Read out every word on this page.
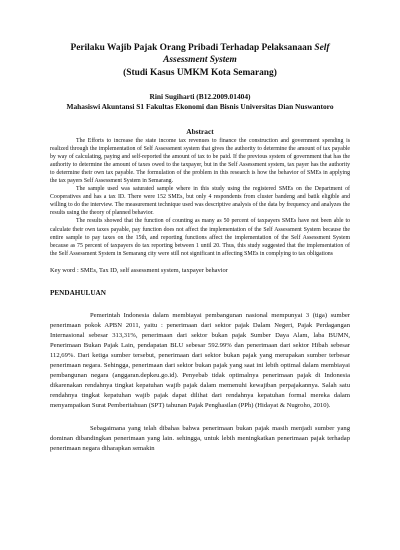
Perilaku Wajib Pajak Orang Pribadi Terhadap Pelaksanaan Self
Assessment System
(Studi Kasus UMKM Kota Semarang)
Rini Sugiharti (B12.2009.01404)
Mahasiswi Akuntansi S1 Fakultas Ekonomi dan Bisnis Universitas Dian Nuswantoro
Abstract

The Efforts to increase the state income tax revenues to finance the construction and government spending is realized through the implementation of Self Assessment system that gives the authority to determine the amount of tax payable by way of calculating, paying and self-reported the amount of tax to be paid. If the previous system of government that has the authority to determine the amount of taxes owed to the taxpayer, but in the Self Assessment system, tax payer has the authority to determine their own tax payable. The formulation of the problem in this research is how the behavior of SMEs in applying the tax payers Self Assessment System in Semarang.

The sample used was saturated sample where in this study using the registered SMEs on the Department of Cooperatives and has a tax ID. There were 152 SMEs, but only 4 respondents from cluster bandeng and batik eligible and willing to do the interview. The measurement technique used was descriptive analysis of the data by frequency and analyzes the results using the theory of planned behavior.

The results showed that the function of counting as many as 50 percent of taxpayers SMEs have not been able to calculate their own taxes payable, pay function does not affect the implementation of the Self Assessment System because the entire sample to pay taxes on the 15th, and reporting functions affect the implementation of the Self Assessment System because as 75 percent of taxpayers do tax reporting between 1 until 20. Thus, this study suggested that the implementation of the Self Assessment System in Semarang city were still not significant in affecting SMEs in complying to tax obligations

Key word : SMEs, Tax ID, self assessment system, taxpayer behavior
PENDAHULUAN

Pemerintah Indonesia dalam membiayai pembangunan nasional mempunyai 3 (tiga) sumber penerimaan pokok APBN 2011, yaitu : penerimaan dari sektor pajak Dalam Negeri, Pajak Perdagangan Internasional sebesar 313,31%, penerimaan dari sektor bukan pajak Sumber Daya Alam, laba BUMN, Penerimaan Bukan Pajak Lain, pendapatan BLU sebesar 592.99% dan penerimaan dari sektor Hibah sebesar 112,69%. Dari ketiga sumber tersebut, penerimaan dari sektor bukan pajak yang merupakan sumber terbesar penerimaan negara. Sehingga, penerimaan dari sektor bukan pajak yang saat ini lebih optimal dalam membiayai pembangunan negara (anggaran.depkeu.go.id). Penyebab tidak optimalnya penerimaan pajak di Indonesia dikarenakan rendahnya tingkat kepatuhan wajib pajak dalam memenuhi kewajiban perpajakannya. Salah satu rendahnya tingkat kepatuhan wajib pajak dapat dilihat dari rendahnya kepatuhan formal mereka dalam menyampaikan Surat Pemberitahuan (SPT) tahunan Pajak Penghasilan (PPh) (Hidayat & Nugroho, 2010).

Sebagaimana yang telah dibahas bahwa penerimaan bukan pajak masih menjadi sumber yang dominan dibandingkan penerimaan yang lain. sehingga, untuk lebih meningkatkan penerimaan pajak terhadap penerimaan negara diharapkan semakin
